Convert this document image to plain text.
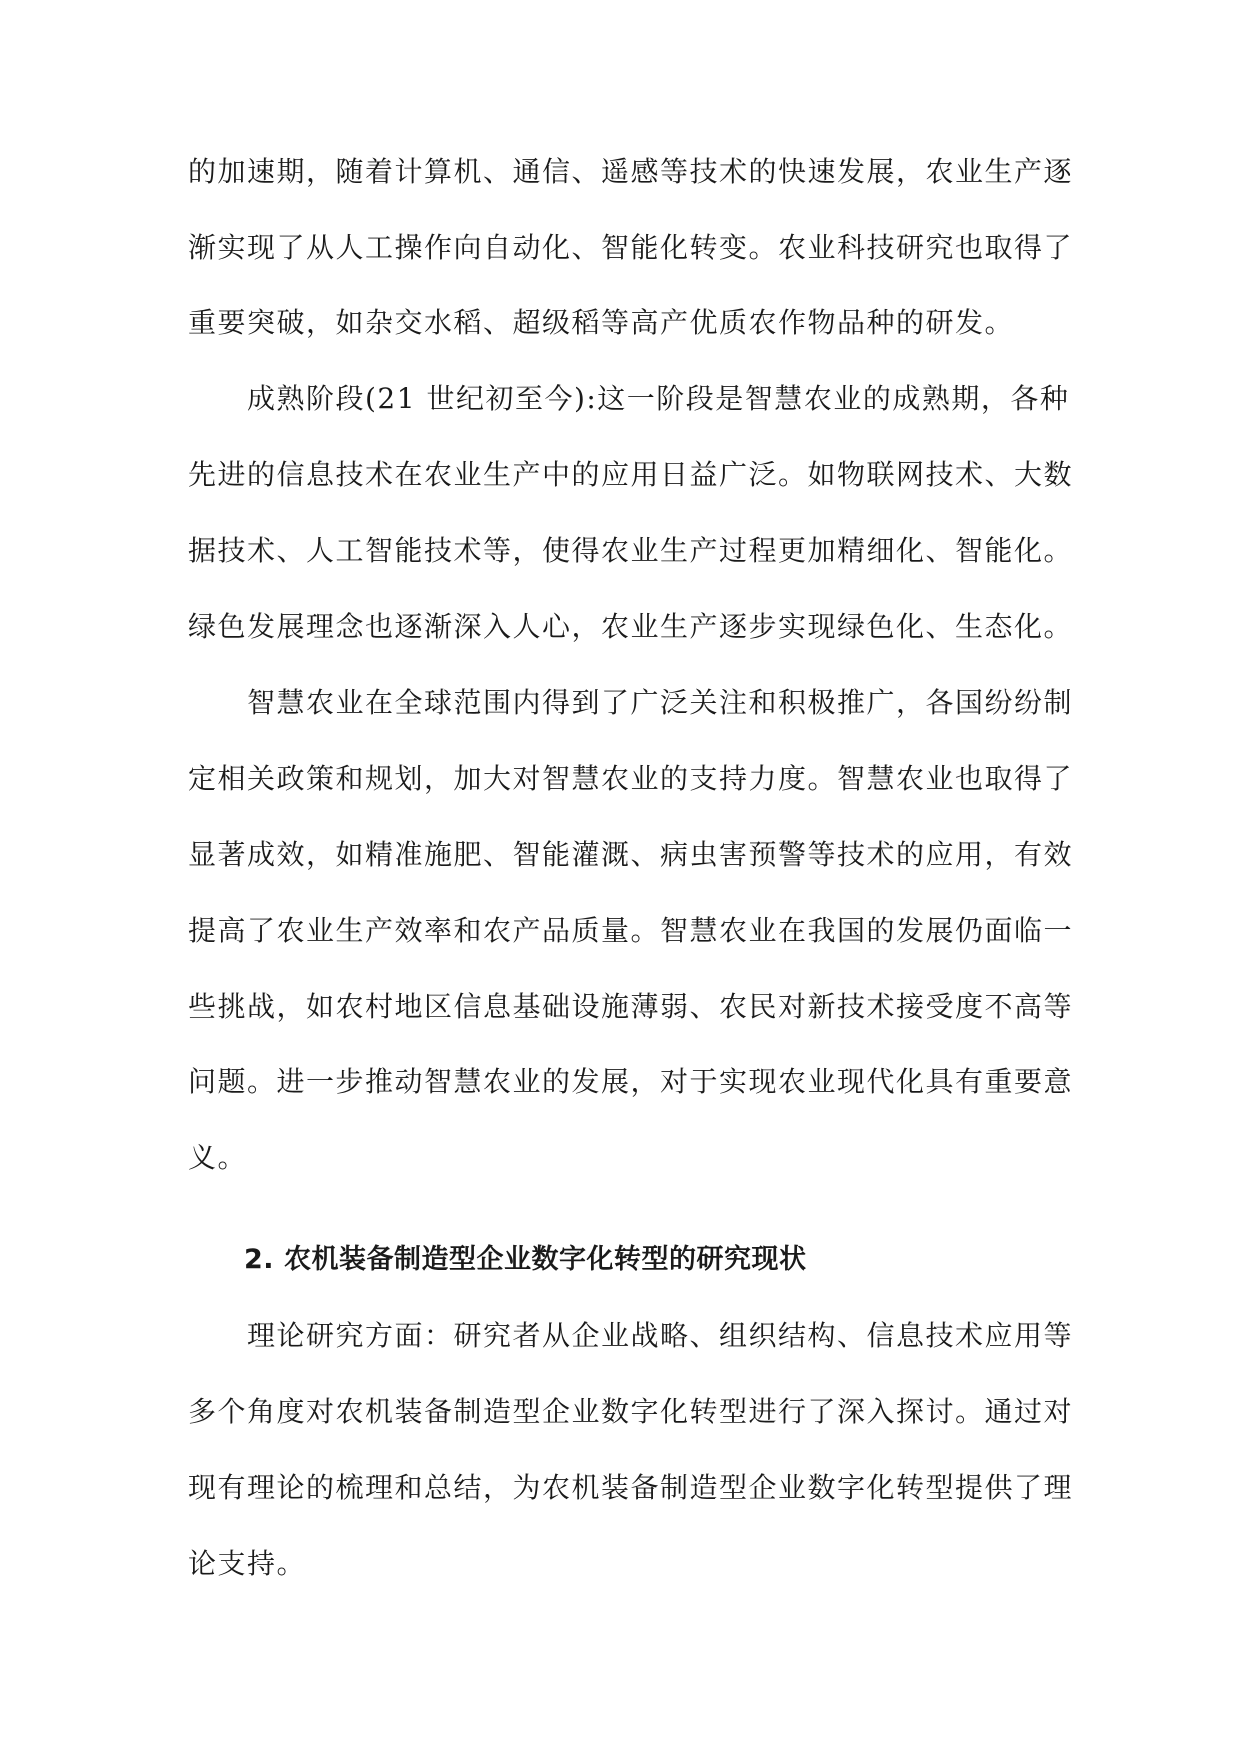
的加速期，随着计算机、通信、遥感等技术的快速发展，农业生产逐
渐实现了从人工操作向自动化、智能化转变。农业科技研究也取得了
重要突破，如杂交水稻、超级稻等高产优质农作物品种的研发。
成熟阶段(21 世纪初至今):这一阶段是智慧农业的成熟期，各种
先进的信息技术在农业生产中的应用日益广泛。如物联网技术、大数
据技术、人工智能技术等，使得农业生产过程更加精细化、智能化。
绿色发展理念也逐渐深入人心，农业生产逐步实现绿色化、生态化。
智慧农业在全球范围内得到了广泛关注和积极推广，各国纷纷制
定相关政策和规划，加大对智慧农业的支持力度。智慧农业也取得了
显著成效，如精准施肥、智能灌溉、病虫害预警等技术的应用，有效
提高了农业生产效率和农产品质量。智慧农业在我国的发展仍面临一
些挑战，如农村地区信息基础设施薄弱、农民对新技术接受度不高等
问题。进一步推动智慧农业的发展，对于实现农业现代化具有重要意
义。
2. 农机装备制造型企业数字化转型的研究现状
理论研究方面：研究者从企业战略、组织结构、信息技术应用等
多个角度对农机装备制造型企业数字化转型进行了深入探讨。通过对
现有理论的梳理和总结，为农机装备制造型企业数字化转型提供了理
论支持。
